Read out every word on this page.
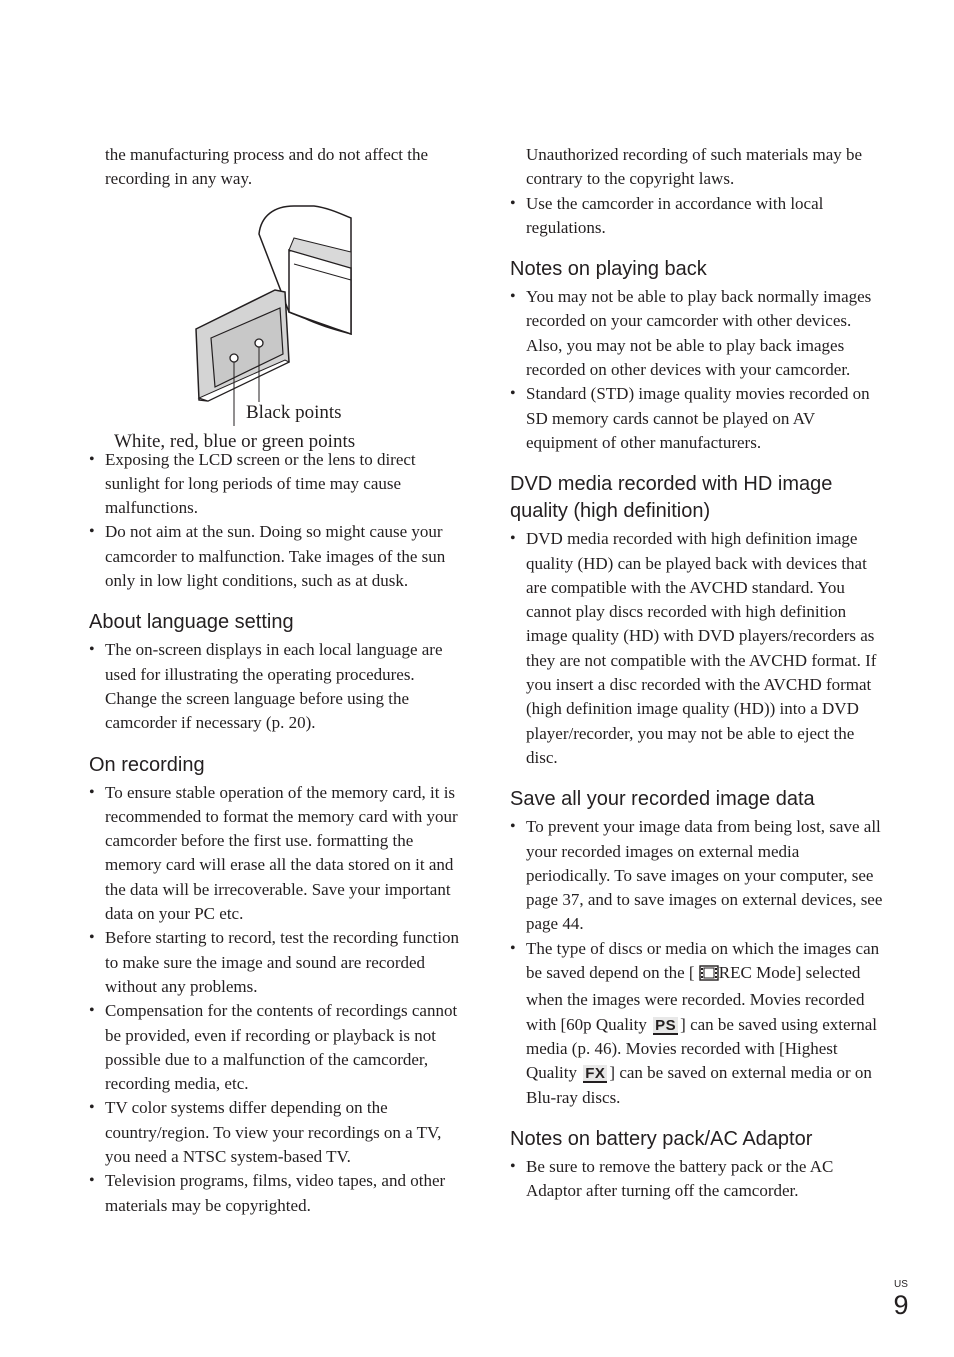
the manufacturing process and do not affect the recording in any way.

Black points
White, red, blue or green points
• Exposing the LCD screen or the lens to direct sunlight for long periods of time may cause malfunctions.
• Do not aim at the sun. Doing so might cause your camcorder to malfunction. Take images of the sun only in low light conditions, such as at dusk.
About language setting
• The on-screen displays in each local language are used for illustrating the operating procedures. Change the screen language before using the camcorder if necessary (p. 20).
On recording
• To ensure stable operation of the memory card, it is recommended to format the memory card with your camcorder before the first use. formatting the memory card will erase all the data stored on it and the data will be irrecoverable. Save your important data on your PC etc.
• Before starting to record, test the recording function to make sure the image and sound are recorded without any problems.
• Compensation for the contents of recordings cannot be provided, even if recording or playback is not possible due to a malfunction of the camcorder, recording media, etc.
• TV color systems differ depending on the country/region. To view your recordings on a TV, you need a NTSC system-based TV.
• Television programs, films, video tapes, and other materials may be copyrighted.

Unauthorized recording of such materials may be contrary to the copyright laws.

• Use the camcorder in accordance with local regulations.
Notes on playing back
• You may not be able to play back normally images recorded on your camcorder with other devices. Also, you may not be able to play back images recorded on other devices with your camcorder.
• Standard (STD) image quality movies recorded on SD memory cards cannot be played on AV equipment of other manufacturers.
DVD media recorded with HD image quality (high definition)
• DVD media recorded with high definition image quality (HD) can be played back with devices that are compatible with the AVCHD standard. You cannot play discs recorded with high definition image quality (HD) with DVD players/recorders as they are not compatible with the AVCHD format. If you insert a disc recorded with the AVCHD format (high definition image quality (HD)) into a DVD player/recorder, you may not be able to eject the disc.
Save all your recorded image data
• To prevent your image data from being lost, save all your recorded images on external media periodically. To save images on your computer, see page 37, and to save images on external devices, see page 44.
• The type of discs or media on which the images can be saved depend on the [ REC Mode] selected when the images were recorded. Movies recorded with [60p Quality PS ] can be saved using external media (p. 46). Movies recorded with [Highest Quality FX ] can be saved on external media or on Blu-ray discs.
Notes on battery pack/AC Adaptor
• Be sure to remove the battery pack or the AC Adaptor after turning off the camcorder.
US
9
